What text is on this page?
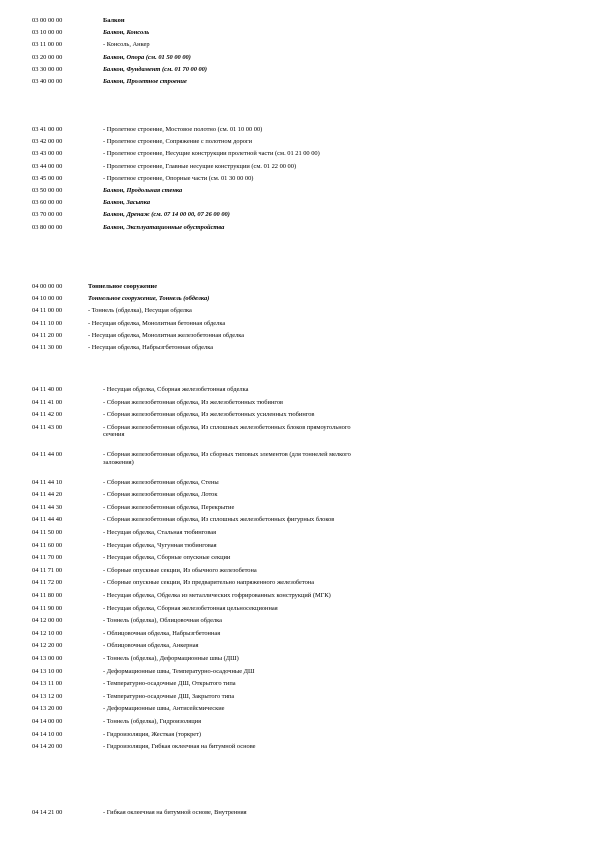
03 00 00 00	Балкон
03 10 00 00	Балкон, Консоль
03 11 00 00	- Консоль, Анкер
03 20 00 00	Балкон, Опора (см. 01 50 00 00)
03 30 00 00	Балкон, Фундамент (см. 01 70 00 00)
03 40 00 00	Балкон, Пролетное строение
03 41 00 00	- Пролетное строение, Мостовое полотно (см. 01 10 00 00)
03 42 00 00	- Пролетное строение, Сопряжение с полотном дороги
03 43 00 00	- Пролетное строение, Несущие конструкции пролетной части (см. 01 21 00 00)
03 44 00 00	- Пролетное строение, Главные несущие конструкции (см. 01 22 00 00)
03 45 00 00	- Пролетное строение, Опорные части (см. 01 30 00 00)
03 50 00 00	Балкон, Продольная стенка
03 60 00 00	Балкон, Засыпка
03 70 00 00	Балкон, Дренаж (см. 07 14 00 00, 07 26 00 00)
03 80 00 00	Балкон, Эксплуатационные обустройства
04 00 00 00	Тоннельное сооружение
04 10 00 00	Тоннельное сооружение, Тоннель (обделка)
04 11 00 00	- Тоннель (обделка), Несущая обделка
04 11 10 00	- Несущая обделка, Монолитная бетонная обделка
04 11 20 00	- Несущая обделка, Монолитная железобетонная обделка
04 11 30 00	- Несущая обделка, Набрызгбетонная обделка
04 11 40 00	- Несущая обделка, Сборная железобетонная обделка
04 11 41 00	- Сборная железобетонная обделка, Из железобетонных тюбингов
04 11 42 00	- Сборная железобетонная обделка, Из железобетонных усиленных тюбингов
04 11 43 00	- Сборная железобетонная обделка, Из сплошных железобетонных блоков прямоугольного сечения
04 11 44 00	- Сборная железобетонная обделка, Из сборных типовых элементов (для тоннелей мелкого заложения)
04 11 44 10	- Сборная железобетонная обделка, Стены
04 11 44 20	- Сборная железобетонная обделка, Лоток
04 11 44 30	- Сборная железобетонная обделка, Перекрытие
04 11 44 40	- Сборная железобетонная обделка, Из сплошных железобетонных фигурных блоков
04 11 50 00	- Несущая обделка, Стальная тюбинговая
04 11 60 00	- Несущая обделка, Чугунная тюбинговая
04 11 70 00	- Несущая обделка, Сборные опускные секции
04 11 71 00	- Сборные опускные секции, Из обычного железобетона
04 11 72 00	- Сборные опускные секции, Из предварительно напряженного железобетона
04 11 80 00	- Несущая обделка, Обделка из металлических гофрированных конструкций (МГК)
04 11 90 00	- Несущая обделка, Сборная железобетонная цельносекционная
04 12 00 00	- Тоннель (обделка), Облицовочная обделка
04 12 10 00	- Облицовочная обделка, Набрызгбетонная
04 12 20 00	- Облицовочная обделка, Анкерная
04 13 00 00	- Тоннель (обделка), Деформационные швы (ДШ)
04 13 10 00	- Деформационные швы, Температурно-осадочные ДШ
04 13 11 00	- Температурно-осадочные ДШ, Открытого типа
04 13 12 00	- Температурно-осадочные ДШ, Закрытого типа
04 13 20 00	- Деформационные швы, Антисейсмические
04 14 00 00	- Тоннель (обделка), Гидроизоляция
04 14 10 00	- Гидроизоляция, Жесткая (торкрет)
04 14 20 00	- Гидроизоляция, Гибкая оклеечная на битумной основе
04 14 21 00	- Гибкая оклеечная на битумной основе, Внутренняя
